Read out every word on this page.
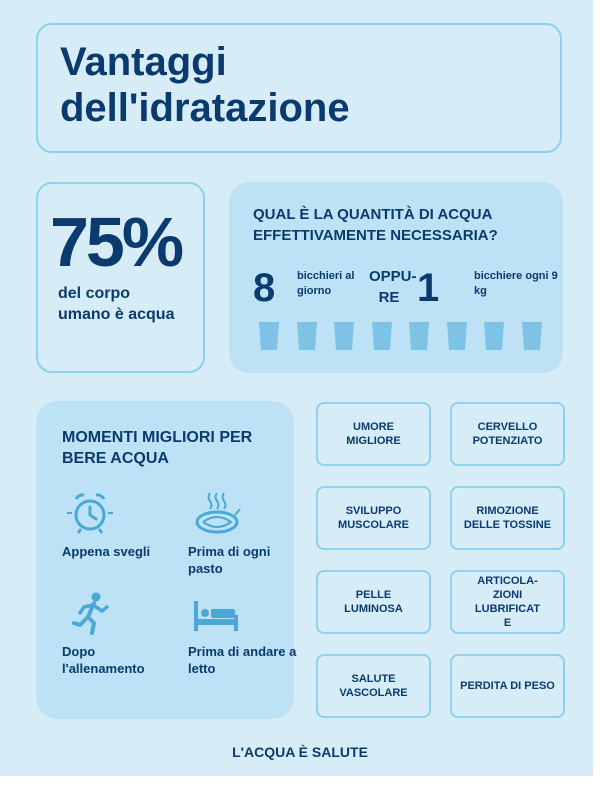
Vantaggi
dell'idratazione
75%
del corpo umano è acqua
QUAL È LA QUANTITÀ DI ACQUA EFFETTIVAMENTE NECESSARIA?
8 bicchieri al giorno
OPPU-
RE 1	bicchiere ogni 9 kg
MOMENTI MIGLIORI PER BERE ACQUA
Appena svegli	Prima di ogni pasto
Dopo l'allenamento
Prima di andare a letto
UMORE MIGLIORE
CERVELLO POTENZIATO
SVILUPPO MUSCOLARE
RIMOZIONE DELLE TOSSINE
PELLE LUMINOSA
ARTICOLA-
ZIONI
LUBRIFICAT
E
SALUTE VASCOLARE
PERDITA DI PESO
L'ACQUA È SALUTE
